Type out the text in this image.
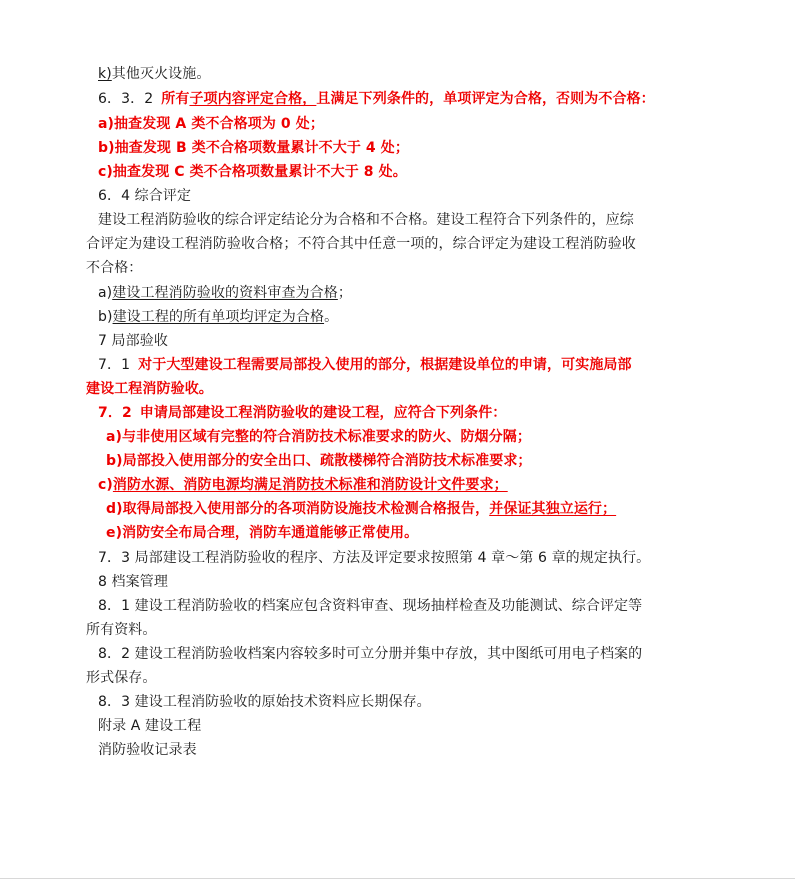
k)其他灭火设施。
6．3．2 所有子项内容评定合格，且满足下列条件的，单项评定为合格，否则为不合格：
a)抽查发现 A 类不合格项为 0 处；
b)抽查发现 B 类不合格项数量累计不大于 4 处；
c)抽查发现 C 类不合格项数量累计不大于 8 处。
6．4 综合评定
建设工程消防验收的综合评定结论分为合格和不合格。建设工程符合下列条件的，应综
合评定为建设工程消防验收合格；不符合其中任意一项的，综合评定为建设工程消防验收
不合格：
a)建设工程消防验收的资料审查为合格；
b)建设工程的所有单项均评定为合格。
7 局部验收
7．1 对于大型建设工程需要局部投入使用的部分，根据建设单位的申请，可实施局部
建设工程消防验收。
7．2 申请局部建设工程消防验收的建设工程，应符合下列条件：
a)与非使用区域有完整的符合消防技术标准要求的防火、防烟分隔；
b)局部投入使用部分的安全出口、疏散楼梯符合消防技术标准要求；
c)消防水源、消防电源均满足消防技术标准和消防设计文件要求；
d)取得局部投入使用部分的各项消防设施技术检测合格报告，并保证其独立运行；
e)消防安全布局合理，消防车通道能够正常使用。
7．3 局部建设工程消防验收的程序、方法及评定要求按照第 4 章～第 6 章的规定执行。
8 档案管理
8．1 建设工程消防验收的档案应包含资料审查、现场抽样检查及功能测试、综合评定等
所有资料。
8．2 建设工程消防验收档案内容较多时可立分册并集中存放，其中图纸可用电子档案的
形式保存。
8．3 建设工程消防验收的原始技术资料应长期保存。
附录 A 建设工程
消防验收记录表
